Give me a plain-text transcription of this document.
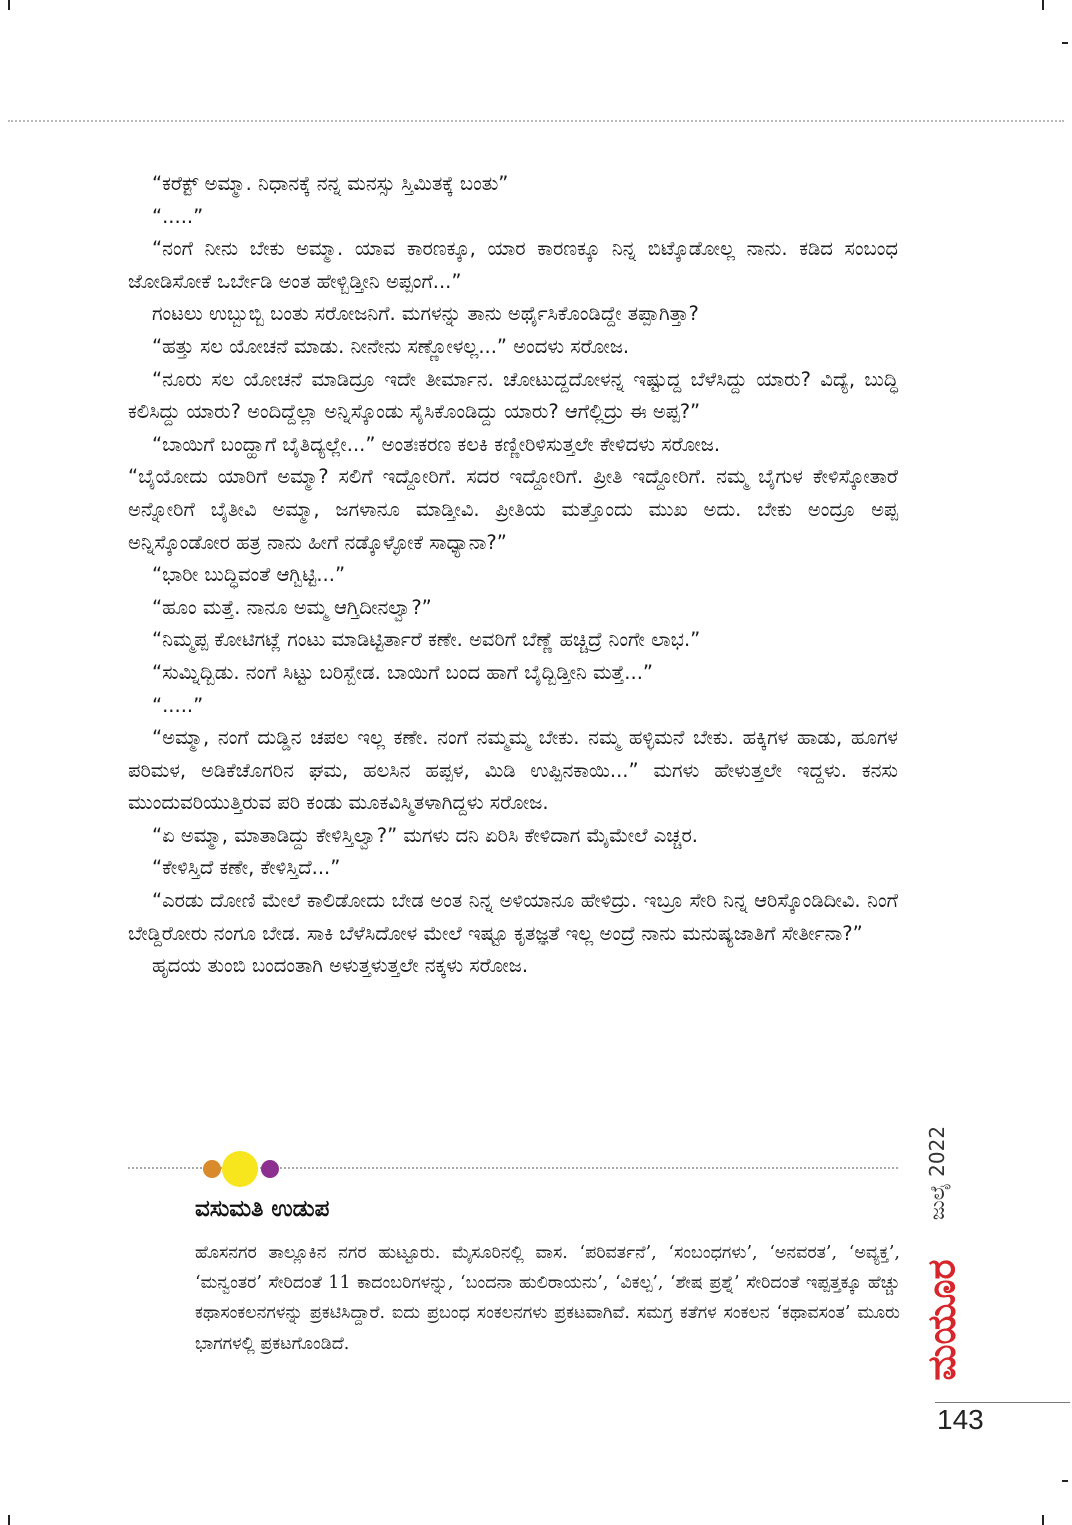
“ಕರೆಕ್ಟ್ ಅಮ್ಮಾ. ನಿಧಾನಕ್ಕೆ ನನ್ನ ಮನಸ್ಸು ಸ್ತಿಮಿತಕ್ಕೆ ಬಂತು”

“.....”

“ನಂಗೆ ನೀನು ಬೇಕು ಅಮ್ಮಾ. ಯಾವ ಕಾರಣಕ್ಕೂ, ಯಾರ ಕಾರಣಕ್ಕೂ ನಿನ್ನ ಬಿಟ್ಕೊಡೋಲ್ಲ ನಾನು. ಕಡಿದ ಸಂಬಂಧ ಜೋಡಿಸೋಕೆ ಒರ್ಬೇಡಿ ಅಂತ ಹೇಳ್ಬಿಡ್ತೀನಿ ಅಪ್ಪಂಗೆ...”

ಗಂಟಲು ಉಬ್ಬುಬ್ಬಿ ಬಂತು ಸರೋಜನಿಗೆ. ಮಗಳನ್ನು ತಾನು ಅರ್ಥೈಸಿಕೊಂಡಿದ್ದೇ ತಪ್ಪಾಗಿತ್ತಾ?

“ಹತ್ತು ಸಲ ಯೋಚನೆ ಮಾಡು. ನೀನೇನು ಸಣ್ಣೋಳಲ್ಲ...” ಅಂದಳು ಸರೋಜ.

“ನೂರು ಸಲ ಯೋಚನೆ ಮಾಡಿದ್ರೂ ಇದೇ ತೀರ್ಮಾನ. ಚೋಟುದ್ದದೋಳನ್ನ ಇಷ್ಟುದ್ದ ಬೆಳೆಸಿದ್ದು ಯಾರು? ವಿದ್ಯೆ, ಬುದ್ಧಿ ಕಲಿಸಿದ್ದು ಯಾರು? ಅಂದಿದ್ದೆಲ್ಲಾ ಅನ್ನಿಸ್ಕೊಂಡು ಸೈಸಿಕೊಂಡಿದ್ದು ಯಾರು? ಆಗೆಲ್ಲಿದ್ರು ಈ ಅಪ್ಪ?”

“ಬಾಯಿಗೆ ಬಂದ್ಹಾಗೆ ಬೈತಿದ್ಯಲ್ಲೇ...” ಅಂತಃಕರಣ ಕಲಕಿ ಕಣ್ಣೀರಿಳಿಸುತ್ತಲೇ ಕೇಳಿದಳು ಸರೋಜ.

“ಬೈಯೋದು ಯಾರಿಗೆ ಅಮ್ಮಾ? ಸಲಿಗೆ ಇದ್ದೋರಿಗೆ. ಸದರ ಇದ್ದೋರಿಗೆ. ಪ್ರೀತಿ ಇದ್ದೋರಿಗೆ. ನಮ್ಮ ಬೈಗುಳ ಕೇಳಿಸ್ಕೋತಾರೆ ಅನ್ನೋರಿಗೆ ಬೈತೀವಿ ಅಮ್ಮಾ, ಜಗಳಾನೂ ಮಾಡ್ತೀವಿ. ಪ್ರೀತಿಯ ಮತ್ತೊಂದು ಮುಖ ಅದು. ಬೇಕು ಅಂದ್ರೂ ಅಪ್ಪ ಅನ್ನಿಸ್ಕೊಂಡೋರ ಹತ್ರ ನಾನು ಹೀಗೆ ನಡ್ಕೊಳ್ಳೋಕೆ ಸಾಧ್ಯಾನಾ?”

“ಭಾರೀ ಬುದ್ಧಿವಂತೆ ಆಗ್ಬಿಟ್ಟಿ...”

“ಹೂಂ ಮತ್ತೆ. ನಾನೂ ಅಮ್ಮ ಆಗ್ತಿದೀನಲ್ವಾ?”

“ನಿಮ್ಮಪ್ಪ ಕೋಟಿಗಟ್ಲೆ ಗಂಟು ಮಾಡಿಟ್ಟಿರ್ತಾರೆ ಕಣೇ. ಅವರಿಗೆ ಬೆಣ್ಣೆ ಹಚ್ಚಿದ್ರೆ ನಿಂಗೇ ಲಾಭ.”

“ಸುಮ್ನಿದ್ಬಿಡು. ನಂಗೆ ಸಿಟ್ಟು ಬರಿಸ್ಬೇಡ. ಬಾಯಿಗೆ ಬಂದ ಹಾಗೆ ಬೈದ್ಬಿಡ್ತೀನಿ ಮತ್ತೆ...”

“.....”

“ಅಮ್ಮಾ, ನಂಗೆ ದುಡ್ಡಿನ ಚಪಲ ಇಲ್ಲ ಕಣೇ. ನಂಗೆ ನಮ್ಮಮ್ಮ ಬೇಕು. ನಮ್ಮ ಹಳ್ಳಿಮನೆ ಬೇಕು. ಹಕ್ಕಿಗಳ ಹಾಡು, ಹೂಗಳ ಪರಿಮಳ, ಅಡಿಕೆಚೊಗರಿನ ಘಮ, ಹಲಸಿನ ಹಪ್ಪಳ, ಮಿಡಿ ಉಪ್ಪಿನಕಾಯಿ...” ಮಗಳು ಹೇಳುತ್ತಲೇ ಇದ್ದಳು. ಕನಸು ಮುಂದುವರಿಯುತ್ತಿರುವ ಪರಿ ಕಂಡು ಮೂಕವಿಸ್ಮಿತಳಾಗಿದ್ದಳು ಸರೋಜ.

“ಏ ಅಮ್ಮಾ, ಮಾತಾಡಿದ್ದು ಕೇಳಿಸ್ತಿಲ್ವಾ?” ಮಗಳು ದನಿ ಏರಿಸಿ ಕೇಳಿದಾಗ ಮೈಮೇಲೆ ಎಚ್ಚರ.

“ಕೇಳಿಸ್ತಿದೆ ಕಣೇ, ಕೇಳಿಸ್ತಿದೆ...”

“ಎರಡು ದೋಣಿ ಮೇಲೆ ಕಾಲಿಡೋದು ಬೇಡ ಅಂತ ನಿನ್ನ ಅಳಿಯಾನೂ ಹೇಳಿದ್ರು. ಇಬ್ರೂ ಸೇರಿ ನಿನ್ನ ಆರಿಸ್ಕೊಂಡಿದೀವಿ. ನಿಂಗೆ ಬೇಡ್ದಿರೋರು ನಂಗೂ ಬೇಡ. ಸಾಕಿ ಬೆಳೆಸಿದೋಳ ಮೇಲೆ ಇಷ್ಟೂ ಕೃತಜ್ಞತೆ ಇಲ್ಲ ಅಂದ್ರೆ ನಾನು ಮನುಷ್ಯಜಾತಿಗೆ ಸೇರ್ತೀನಾ?”

ಹೃದಯ ತುಂಬಿ ಬಂದಂತಾಗಿ ಅಳುತ್ತಳುತ್ತಲೇ ನಕ್ಕಳು ಸರೋಜ.

ವಸುಮತಿ ಉಡುಪ
ಹೊಸನಗರ ತಾಲ್ಲೂಕಿನ ನಗರ ಹುಟ್ಟೂರು. ಮೈಸೂರಿನಲ್ಲಿ ವಾಸ. ‘ಪರಿವರ್ತನೆ’, ‘ಸಂಬಂಧಗಳು’, ‘ಅನವರತ’, ‘ಅವ್ಯಕ್ತ’, ‘ಮನ್ವಂತರ’ ಸೇರಿದಂತೆ 11 ಕಾದಂಬರಿಗಳನ್ನು, ‘ಬಂದನಾ ಹುಲಿರಾಯನು’, ‘ವಿಕಲ್ಪ’, ‘ಶೇಷ ಪ್ರಶ್ನೆ’ ಸೇರಿದಂತೆ ಇಪ್ಪತ್ತಕ್ಕೂ ಹೆಚ್ಚು ಕಥಾಸಂಕಲನಗಳನ್ನು ಪ್ರಕಟಿಸಿದ್ದಾರೆ. ಐದು ಪ್ರಬಂಧ ಸಂಕಲನಗಳು ಪ್ರಕಟವಾಗಿವೆ. ಸಮಗ್ರ ಕತೆಗಳ ಸಂಕಲನ ‘ಕಥಾವಸಂತ’ ಮೂರು ಭಾಗಗಳಲ್ಲಿ ಪ್ರಕಟಗೊಂಡಿದೆ.
ಜುಲೈ 2022
ಮಯೂರ
143
